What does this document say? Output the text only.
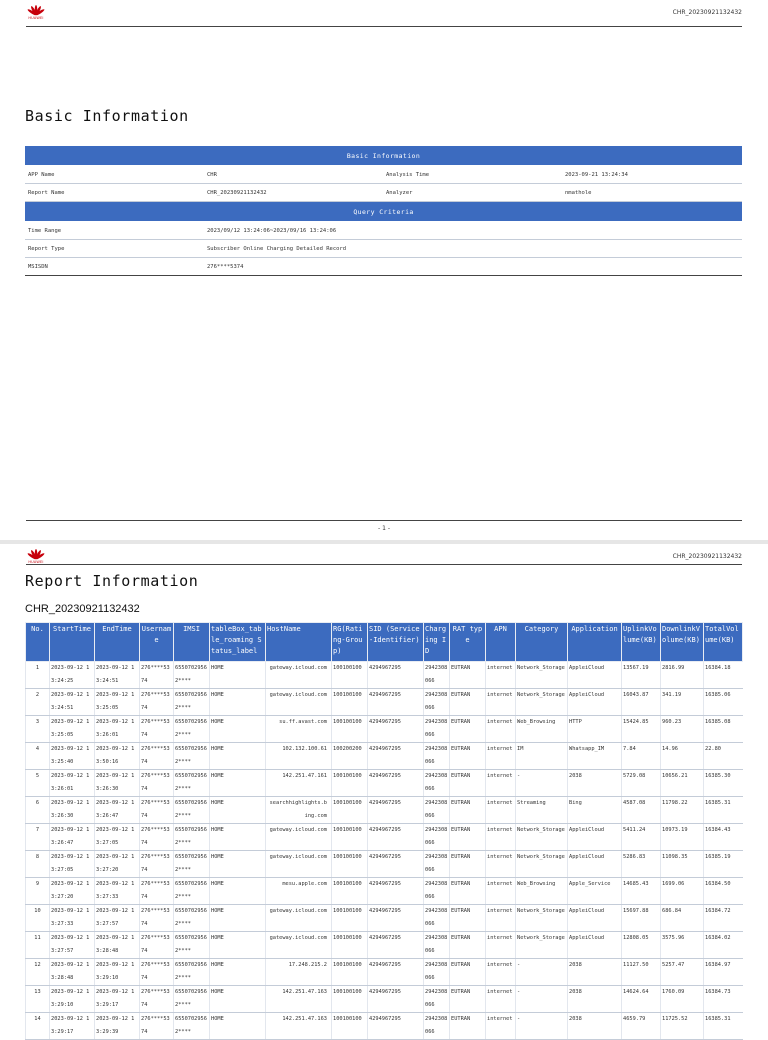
HUAWEI
CHR_20230921132432
Basic Information
Basic Information			
APP Name	CHR	Analysis Time	2023-09-21 13:24:34
Report Name	CHR_20230921132432	Analyzer	nmathole
Query Criteria			
Time Range	2023/09/12 13:24:06~2023/09/16 13:24:06		
Report Type	Subscriber Online Charging Detailed Record		
MSISDN	276****5374		
- 1 -
HUAWEI
CHR_20230921132432
Report Information
CHR_20230921132432
No.	StartTime	EndTime	Username	IMSI	tableBox_table_roaming Status_label	HostName	RG(Rating-Group)	SID (Service -Identifier)	Charging ID	RAT type	APN	Category	Application	UplinkVolume(KB)	DownlinkVolume(KB)	TotalVolume(KB)
1	2023-09-12 13:24:25	2023-09-12 13:24:51	276****5374	65507029562****	HOME	gateway.icloud.com	100100100	4294967295	2942308066	EUTRAN	internet	Network_Storage	AppleiCloud	13567.19	2816.99	16384.18
2	2023-09-12 13:24:51	2023-09-12 13:25:05	276****5374	65507029562****	HOME	gateway.icloud.com	100100100	4294967295	2942308066	EUTRAN	internet	Network_Storage	AppleiCloud	16043.87	341.19	16385.06
3	2023-09-12 13:25:05	2023-09-12 13:26:01	276****5374	65507029562****	HOME	su.ff.avast.com	100100100	4294967295	2942308066	EUTRAN	internet	Web_Browsing	HTTP	15424.85	960.23	16385.08
4	2023-09-12 13:25:40	2023-09-12 13:50:16	276****5374	65507029562****	HOME	102.132.100.61	100200200	4294967295	2942308066	EUTRAN	internet	IM	Whatsapp_IM	7.84	14.96	22.80
5	2023-09-12 13:26:01	2023-09-12 13:26:30	276****5374	65507029562****	HOME	142.251.47.161	100100100	4294967295	2942308066	EUTRAN	internet	-	2038	5729.08	10656.21	16385.30
6	2023-09-12 13:26:30	2023-09-12 13:26:47	276****5374	65507029562****	HOME	searchhighlights.bing.com	100100100	4294967295	2942308066	EUTRAN	internet	Streaming	Bing	4587.08	11798.22	16385.31
7	2023-09-12 13:26:47	2023-09-12 13:27:05	276****5374	65507029562****	HOME	gateway.icloud.com	100100100	4294967295	2942308066	EUTRAN	internet	Network_Storage	AppleiCloud	5411.24	10973.19	16384.43
8	2023-09-12 13:27:05	2023-09-12 13:27:20	276****5374	65507029562****	HOME	gateway.icloud.com	100100100	4294967295	2942308066	EUTRAN	internet	Network_Storage	AppleiCloud	5286.83	11098.35	16385.19
9	2023-09-12 13:27:20	2023-09-12 13:27:33	276****5374	65507029562****	HOME	mesu.apple.com	100100100	4294967295	2942308066	EUTRAN	internet	Web_Browsing	Apple_Service	14685.43	1699.06	16384.50
10	2023-09-12 13:27:33	2023-09-12 13:27:57	276****5374	65507029562****	HOME	gateway.icloud.com	100100100	4294967295	2942308066	EUTRAN	internet	Network_Storage	AppleiCloud	15697.88	686.84	16384.72
11	2023-09-12 13:27:57	2023-09-12 13:28:48	276****5374	65507029562****	HOME	gateway.icloud.com	100100100	4294967295	2942308066	EUTRAN	internet	Network_Storage	AppleiCloud	12808.05	3575.96	16384.02
12	2023-09-12 13:28:48	2023-09-12 13:29:10	276****5374	65507029562****	HOME	17.248.215.2	100100100	4294967295	2942308066	EUTRAN	internet	-	2038	11127.50	5257.47	16384.97
13	2023-09-12 13:29:10	2023-09-12 13:29:17	276****5374	65507029562****	HOME	142.251.47.163	100100100	4294967295	2942308066	EUTRAN	internet	-	2038	14624.64	1760.09	16384.73
14	2023-09-12 13:29:17	2023-09-12 13:29:39	276****5374	65507029562****	HOME	142.251.47.163	100100100	4294967295	2942308066	EUTRAN	internet	-	2038	4659.79	11725.52	16385.31
